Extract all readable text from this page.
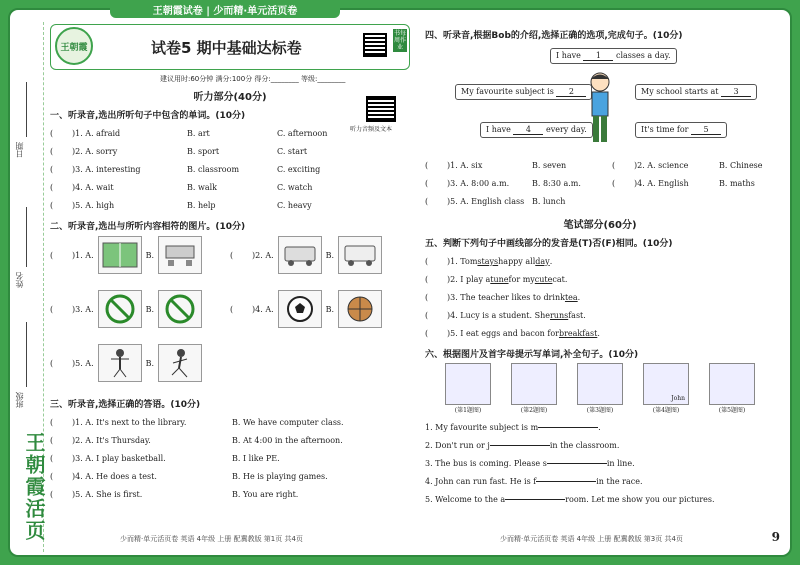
王朝霞试卷 | 少而精·单元活页卷
日期
姓名
班级
王朝霞活页
王朝霞	试卷5 期中基础达标卷
书每周作业
建议用时:60分钟 满分:100分 得分:________ 等级:________
听力音频及文本
听力部分(40分)
一、听录音,选出所听句子中包含的单词。(10分)
(	)1. A. afraid	B. art	C. afternoon
(	)2. A. sorry	B. sport	C. start
(	)3. A. interesting	B. classroom	C. exciting
(	)4. A. wait	B. walk	C. watch
(	)5. A. high	B. help	C. heavy
二、听录音,选出与所听内容相符的图片。(10分)
(	)1. A.	B.	(	)2. A.	B.
(	)3. A.	B.	(	)4. A.	B.
(	)5. A.	B.
三、听录音,选择正确的答语。(10分)
(	)1. A. It's next to the library.	B. We have computer class.
(	)2. A. It's Thursday.	B. At 4:00 in the afternoon.
(	)3. A. I play basketball.	B. I like PE.
(	)4. A. He does a test.	B. He is playing games.
(	)5. A. She is first.	B. You are right.
少而精·单元活页卷 英语 4年级 上册 配冀教版 第1页 共4页
四、听录音,根据Bob的介绍,选择正确的选项,完成句子。(10分)
I have 1 classes a day.
My favourite subject is 2	My school starts at 3
I have 4 every day.	It's time for 5
(	)1. A. six	B. seven	(	)2. A. science	B. Chinese
(	)3. A. 8:00 a.m.	B. 8:30 a.m.	(	)4. A. English	B. maths
(	)5. A. English class B. lunch
笔试部分(60分)
五、判断下列句子中画线部分的发音是(T)否(F)相同。(10分)
(	)1. Tom stays happy all day .
(	)2. I play a tune for my cute cat.
(	)3. The teacher likes to drink tea .
(	)4. Lucy is a student. She runs fast.
(	)5. I eat eggs and bacon for breakfast .
六、根据图片及首字母提示写单词,补全句子。(10分)
John
(第1题图)	(第2题图)	(第3题图)	(第4题图)	(第5题图)
1. My favourite subject is m	.
2. Don't run or j	in the classroom.
3. The bus is coming. Please s	in line.
4. John can run fast. He is f	in the race.
5. Welcome to the a	room. Let me show you our pictures.
少而精·单元活页卷 英语 4年级 上册 配冀教版 第3页 共4页	9
